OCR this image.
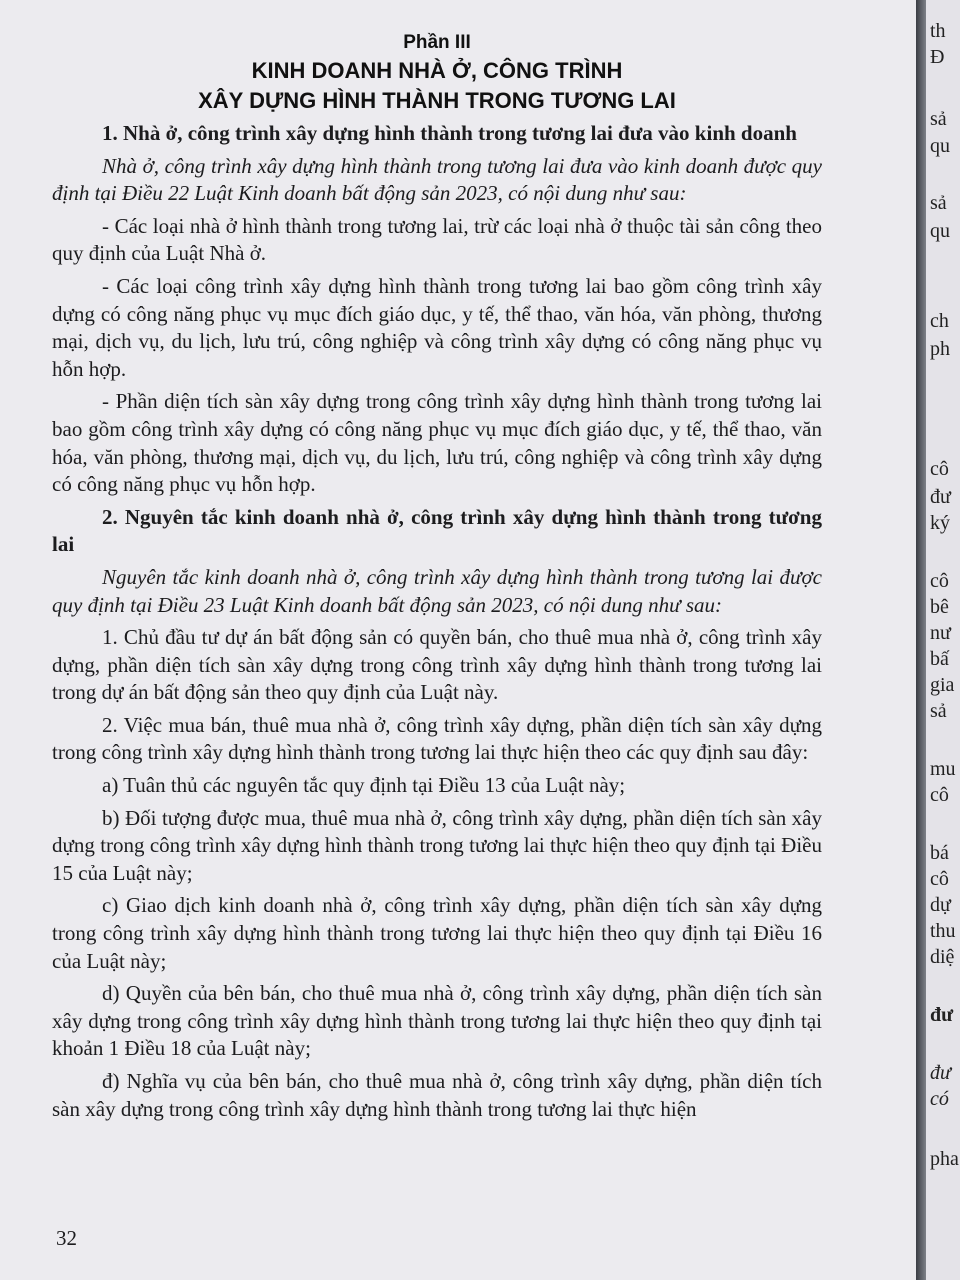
Phần III
KINH DOANH NHÀ Ở, CÔNG TRÌNH
XÂY DỰNG HÌNH THÀNH TRONG TƯƠNG LAI

1. Nhà ở, công trình xây dựng hình thành trong tương lai đưa vào kinh doanh

Nhà ở, công trình xây dựng hình thành trong tương lai đưa vào kinh doanh được quy định tại Điều 22 Luật Kinh doanh bất động sản 2023, có nội dung như sau:

- Các loại nhà ở hình thành trong tương lai, trừ các loại nhà ở thuộc tài sản công theo quy định của Luật Nhà ở.

- Các loại công trình xây dựng hình thành trong tương lai bao gồm công trình xây dựng có công năng phục vụ mục đích giáo dục, y tế, thể thao, văn hóa, văn phòng, thương mại, dịch vụ, du lịch, lưu trú, công nghiệp và công trình xây dựng có công năng phục vụ hỗn hợp.

- Phần diện tích sàn xây dựng trong công trình xây dựng hình thành trong tương lai bao gồm công trình xây dựng có công năng phục vụ mục đích giáo dục, y tế, thể thao, văn hóa, văn phòng, thương mại, dịch vụ, du lịch, lưu trú, công nghiệp và công trình xây dựng có công năng phục vụ hỗn hợp.

2. Nguyên tắc kinh doanh nhà ở, công trình xây dựng hình thành trong tương lai

Nguyên tắc kinh doanh nhà ở, công trình xây dựng hình thành trong tương lai được quy định tại Điều 23 Luật Kinh doanh bất động sản 2023, có nội dung như sau:

1. Chủ đầu tư dự án bất động sản có quyền bán, cho thuê mua nhà ở, công trình xây dựng, phần diện tích sàn xây dựng trong công trình xây dựng hình thành trong tương lai trong dự án bất động sản theo quy định của Luật này.

2. Việc mua bán, thuê mua nhà ở, công trình xây dựng, phần diện tích sàn xây dựng trong công trình xây dựng hình thành trong tương lai thực hiện theo các quy định sau đây:

a) Tuân thủ các nguyên tắc quy định tại Điều 13 của Luật này;

b) Đối tượng được mua, thuê mua nhà ở, công trình xây dựng, phần diện tích sàn xây dựng trong công trình xây dựng hình thành trong tương lai thực hiện theo quy định tại Điều 15 của Luật này;

c) Giao dịch kinh doanh nhà ở, công trình xây dựng, phần diện tích sàn xây dựng trong công trình xây dựng hình thành trong tương lai thực hiện theo quy định tại Điều 16 của Luật này;

d) Quyền của bên bán, cho thuê mua nhà ở, công trình xây dựng, phần diện tích sàn xây dựng trong công trình xây dựng hình thành trong tương lai thực hiện theo quy định tại khoản 1 Điều 18 của Luật này;

đ) Nghĩa vụ của bên bán, cho thuê mua nhà ở, công trình xây dựng, phần diện tích sàn xây dựng trong công trình xây dựng hình thành trong tương lai thực hiện

32
th
Đ
sả
qu
sả
qu
ch
ph
cô
đư
ký
cô
bê
nư
bấ
gia
sả
mu
cô
bá
cô
dự
thu
diệ
đư
đư
có
pha
